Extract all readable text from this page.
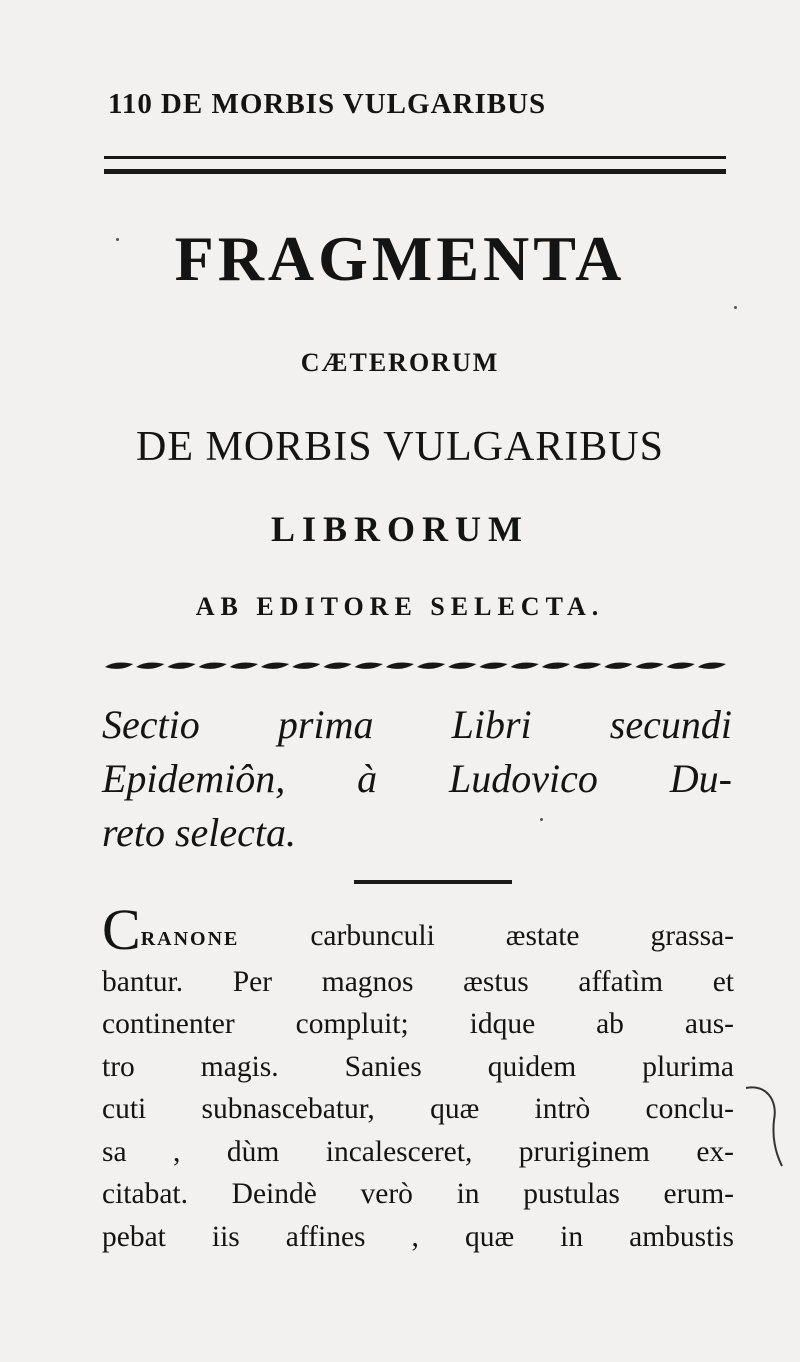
110 DE MORBIS VULGARIBUS
FRAGMENTA
CÆTERORUM
DE MORBIS VULGARIBUS
LIBRORUM
AB EDITORE SELECTA.
Sectio prima Libri secundi
Epidemiôn, à Ludovico Du-
reto selecta.
CRANONE carbunculi æstate grassa-
bantur. Per magnos æstus affatìm et
continenter compluit; idque ab aus-
tro magis. Sanies quidem plurima
cuti subnascebatur, quæ intrò conclu-
sa , dùm incalesceret, pruriginem ex-
citabat. Deindè verò in pustulas erum-
pebat iis affines , quæ in ambustis
